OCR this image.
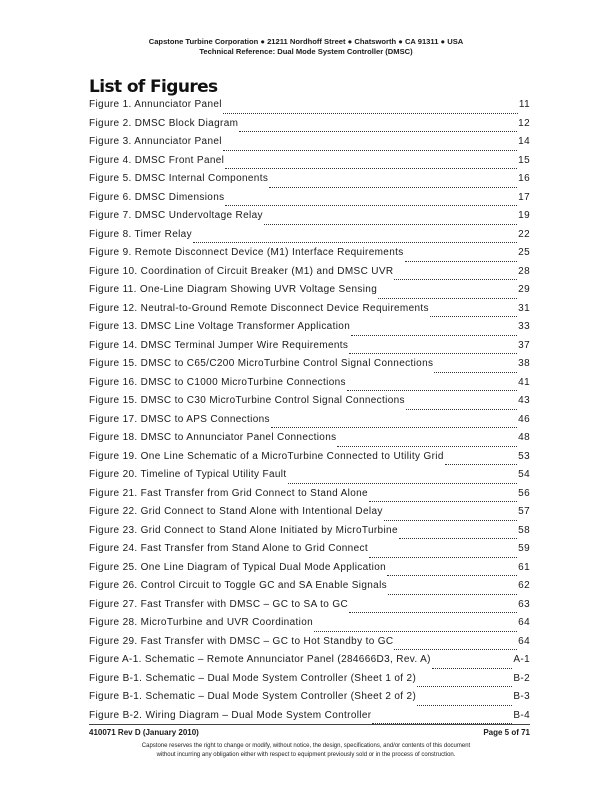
Capstone Turbine Corporation ● 21211 Nordhoff Street ● Chatsworth ● CA 91311 ● USA
Technical Reference: Dual Mode System Controller (DMSC)
List of Figures
Figure 1. Annunciator Panel	11
Figure 2. DMSC Block Diagram	12
Figure 3. Annunciator Panel	14
Figure 4. DMSC Front Panel	15
Figure 5. DMSC Internal Components	16
Figure 6. DMSC Dimensions	17
Figure 7. DMSC Undervoltage Relay	19
Figure 8. Timer Relay	22
Figure 9. Remote Disconnect Device (M1) Interface Requirements	25
Figure 10. Coordination of Circuit Breaker (M1) and DMSC UVR	28
Figure 11. One-Line Diagram Showing UVR Voltage Sensing	29
Figure 12. Neutral-to-Ground Remote Disconnect Device Requirements	31
Figure 13. DMSC Line Voltage Transformer Application	33
Figure 14. DMSC Terminal Jumper Wire Requirements	37
Figure 15. DMSC to C65/C200 MicroTurbine Control Signal Connections	38
Figure 16. DMSC to C1000 MicroTurbine Connections	41
Figure 15. DMSC to C30 MicroTurbine Control Signal Connections	43
Figure 17. DMSC to APS Connections	46
Figure 18. DMSC to Annunciator Panel Connections	48
Figure 19. One Line Schematic of a MicroTurbine Connected to Utility Grid	53
Figure 20. Timeline of Typical Utility Fault	54
Figure 21. Fast Transfer from Grid Connect to Stand Alone	56
Figure 22. Grid Connect to Stand Alone with Intentional Delay	57
Figure 23. Grid Connect to Stand Alone Initiated by MicroTurbine	58
Figure 24. Fast Transfer from Stand Alone to Grid Connect	59
Figure 25. One Line Diagram of Typical Dual Mode Application	61
Figure 26. Control Circuit to Toggle GC and SA Enable Signals	62
Figure 27. Fast Transfer with DMSC – GC to SA to GC	63
Figure 28. MicroTurbine and UVR Coordination	64
Figure 29. Fast Transfer with DMSC – GC to Hot Standby to GC	64
Figure A-1. Schematic – Remote Annunciator Panel (284666D3, Rev. A)	A-1
Figure B-1. Schematic – Dual Mode System Controller (Sheet 1 of 2)	B-2
Figure B-1. Schematic – Dual Mode System Controller (Sheet 2 of 2)	B-3
Figure B-2. Wiring Diagram – Dual Mode System Controller	B-4
410071 Rev D (January 2010)	Page 5 of 71
Capstone reserves the right to change or modify, without notice, the design, specifications, and/or contents of this document
without incurring any obligation either with respect to equipment previously sold or in the process of construction.
